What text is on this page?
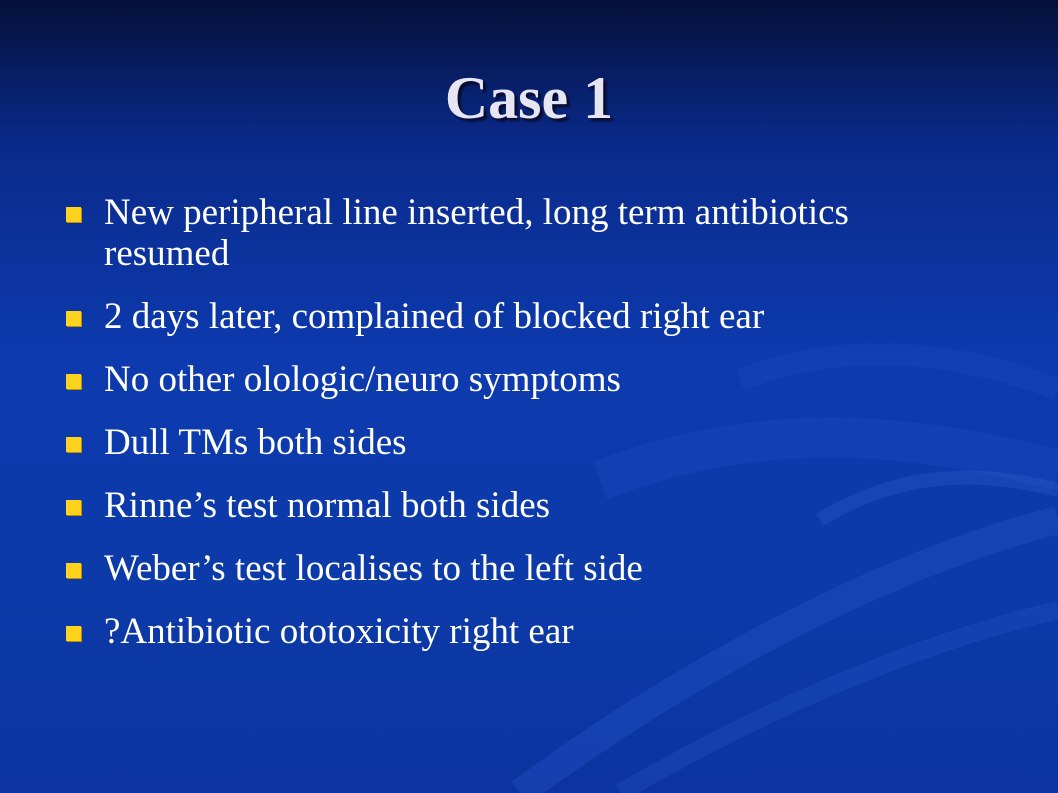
Case 1
New peripheral line inserted, long term antibiotics resumed
2 days later, complained of blocked right ear
No other olologic/neuro symptoms
Dull TMs both sides
Rinne’s test normal both sides
Weber’s test localises to the left side
?Antibiotic ototoxicity right ear
